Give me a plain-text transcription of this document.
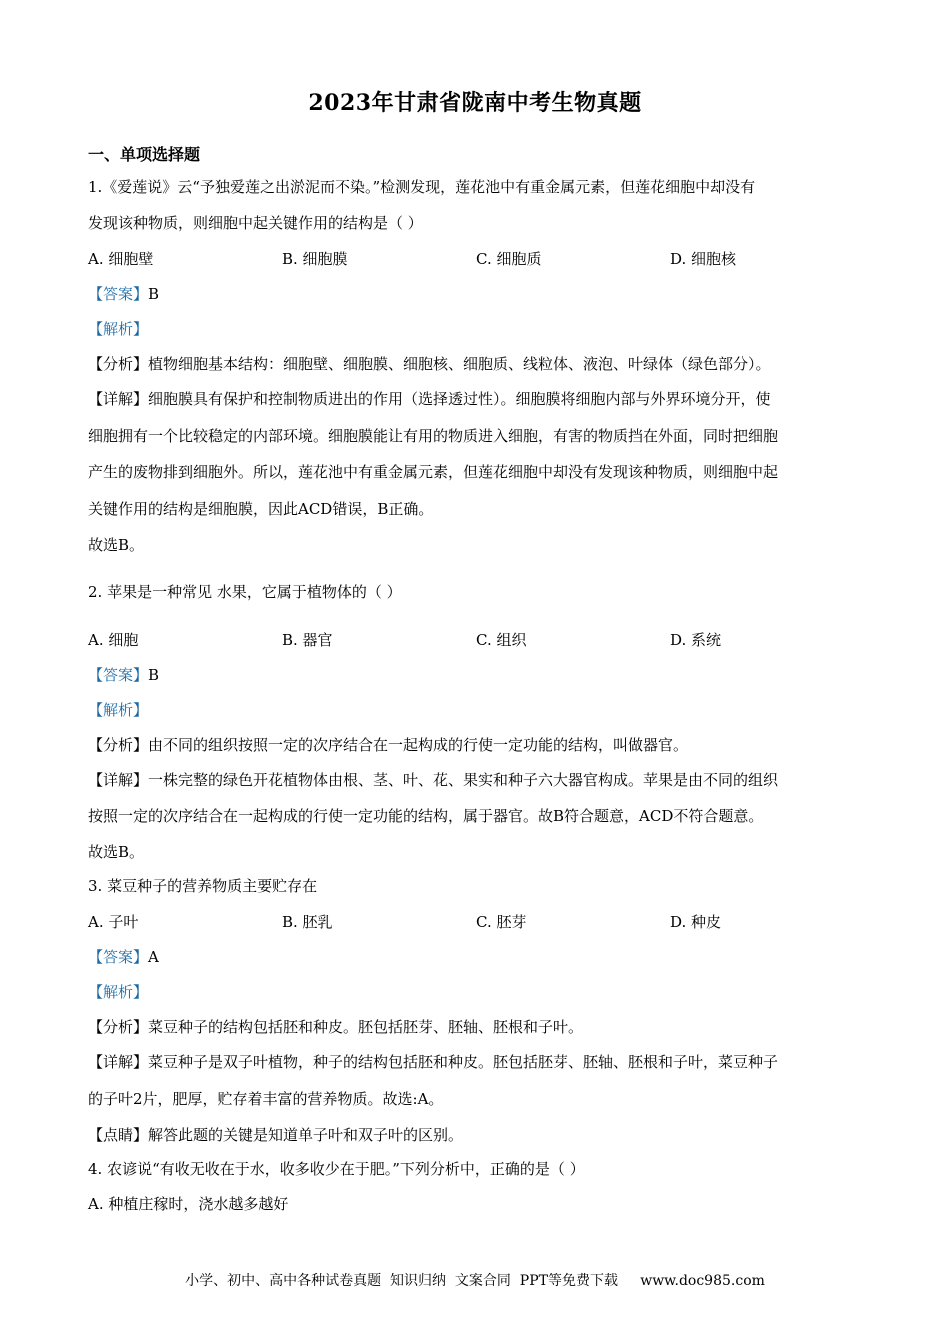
2023年甘肃省陇南中考生物真题
一、单项选择题
1.《爱莲说》云“予独爱莲之出淤泥而不染。”检测发现，莲花池中有重金属元素，但莲花细胞中却没有
发现该种物质，则细胞中起关键作用的结构是（ ）
A. 细胞壁	B. 细胞膜	C. 细胞质	D. 细胞核
【答案】B
【解析】
【分析】植物细胞基本结构：细胞壁、细胞膜、细胞核、细胞质、线粒体、液泡、叶绿体（绿色部分）。
【详解】细胞膜具有保护和控制物质进出的作用（选择透过性）。细胞膜将细胞内部与外界环境分开，使
细胞拥有一个比较稳定的内部环境。细胞膜能让有用的物质进入细胞，有害的物质挡在外面，同时把细胞
产生的废物排到细胞外。所以，莲花池中有重金属元素，但莲花细胞中却没有发现该种物质，则细胞中起
关键作用的结构是细胞膜，因此ACD错误，B正确。
故选B。
2. 苹果是一种常见 水果，它属于植物体的（ ）
A. 细胞	B. 器官	C. 组织	D. 系统
【答案】B
【解析】
【分析】由不同的组织按照一定的次序结合在一起构成的行使一定功能的结构，叫做器官。
【详解】一株完整的绿色开花植物体由根、茎、叶、花、果实和种子六大器官构成。苹果是由不同的组织
按照一定的次序结合在一起构成的行使一定功能的结构，属于器官。故B符合题意，ACD不符合题意。
故选B。
3. 菜豆种子的营养物质主要贮存在
A. 子叶	B. 胚乳	C. 胚芽	D. 种皮
【答案】A
【解析】
【分析】菜豆种子的结构包括胚和种皮。胚包括胚芽、胚轴、胚根和子叶。
【详解】菜豆种子是双子叶植物，种子的结构包括胚和种皮。胚包括胚芽、胚轴、胚根和子叶，菜豆种子
的子叶2片，肥厚，贮存着丰富的营养物质。故选:A。
【点睛】解答此题的关键是知道单子叶和双子叶的区别。
4. 农谚说“有收无收在于水，收多收少在于肥。”下列分析中，正确的是（ ）
A. 种植庄稼时，浇水越多越好
小学、初中、高中各种试卷真题  知识归纳  文案合同  PPT等免费下载     www.doc985.com
